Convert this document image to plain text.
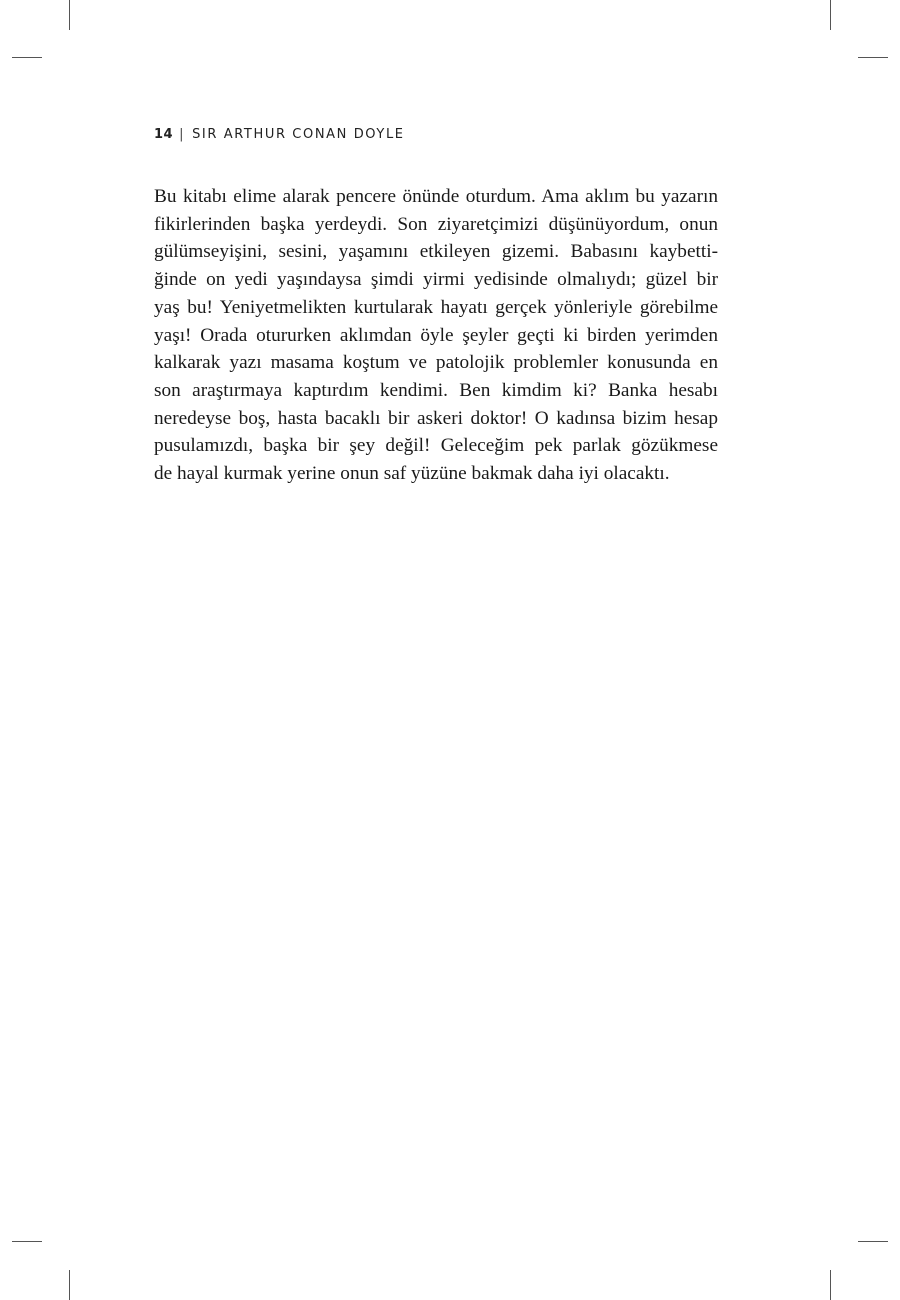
14 | SIR ARTHUR CONAN DOYLE

Bu kitabı elime alarak pencere önünde oturdum. Ama aklım bu yazarın
fikirlerinden başka yerdeydi. Son ziyaretçimizi düşünüyordum, onun
gülümseyişini, sesini, yaşamını etkileyen gizemi. Babasını kaybetti-
ğinde on yedi yaşındaysa şimdi yirmi yedisinde olmalıydı; güzel bir
yaş bu! Yeniyetmelikten kurtularak hayatı gerçek yönleriyle görebilme
yaşı! Orada otururken aklımdan öyle şeyler geçti ki birden yerimden
kalkarak yazı masama koştum ve patolojik problemler konusunda en
son araştırmaya kaptırdım kendimi. Ben kimdim ki? Banka hesabı
neredeyse boş, hasta bacaklı bir askeri doktor! O kadınsa bizim hesap
pusulamızdı, başka bir şey değil! Geleceğim pek parlak gözükmese
de hayal kurmak yerine onun saf yüzüne bakmak daha iyi olacaktı.
